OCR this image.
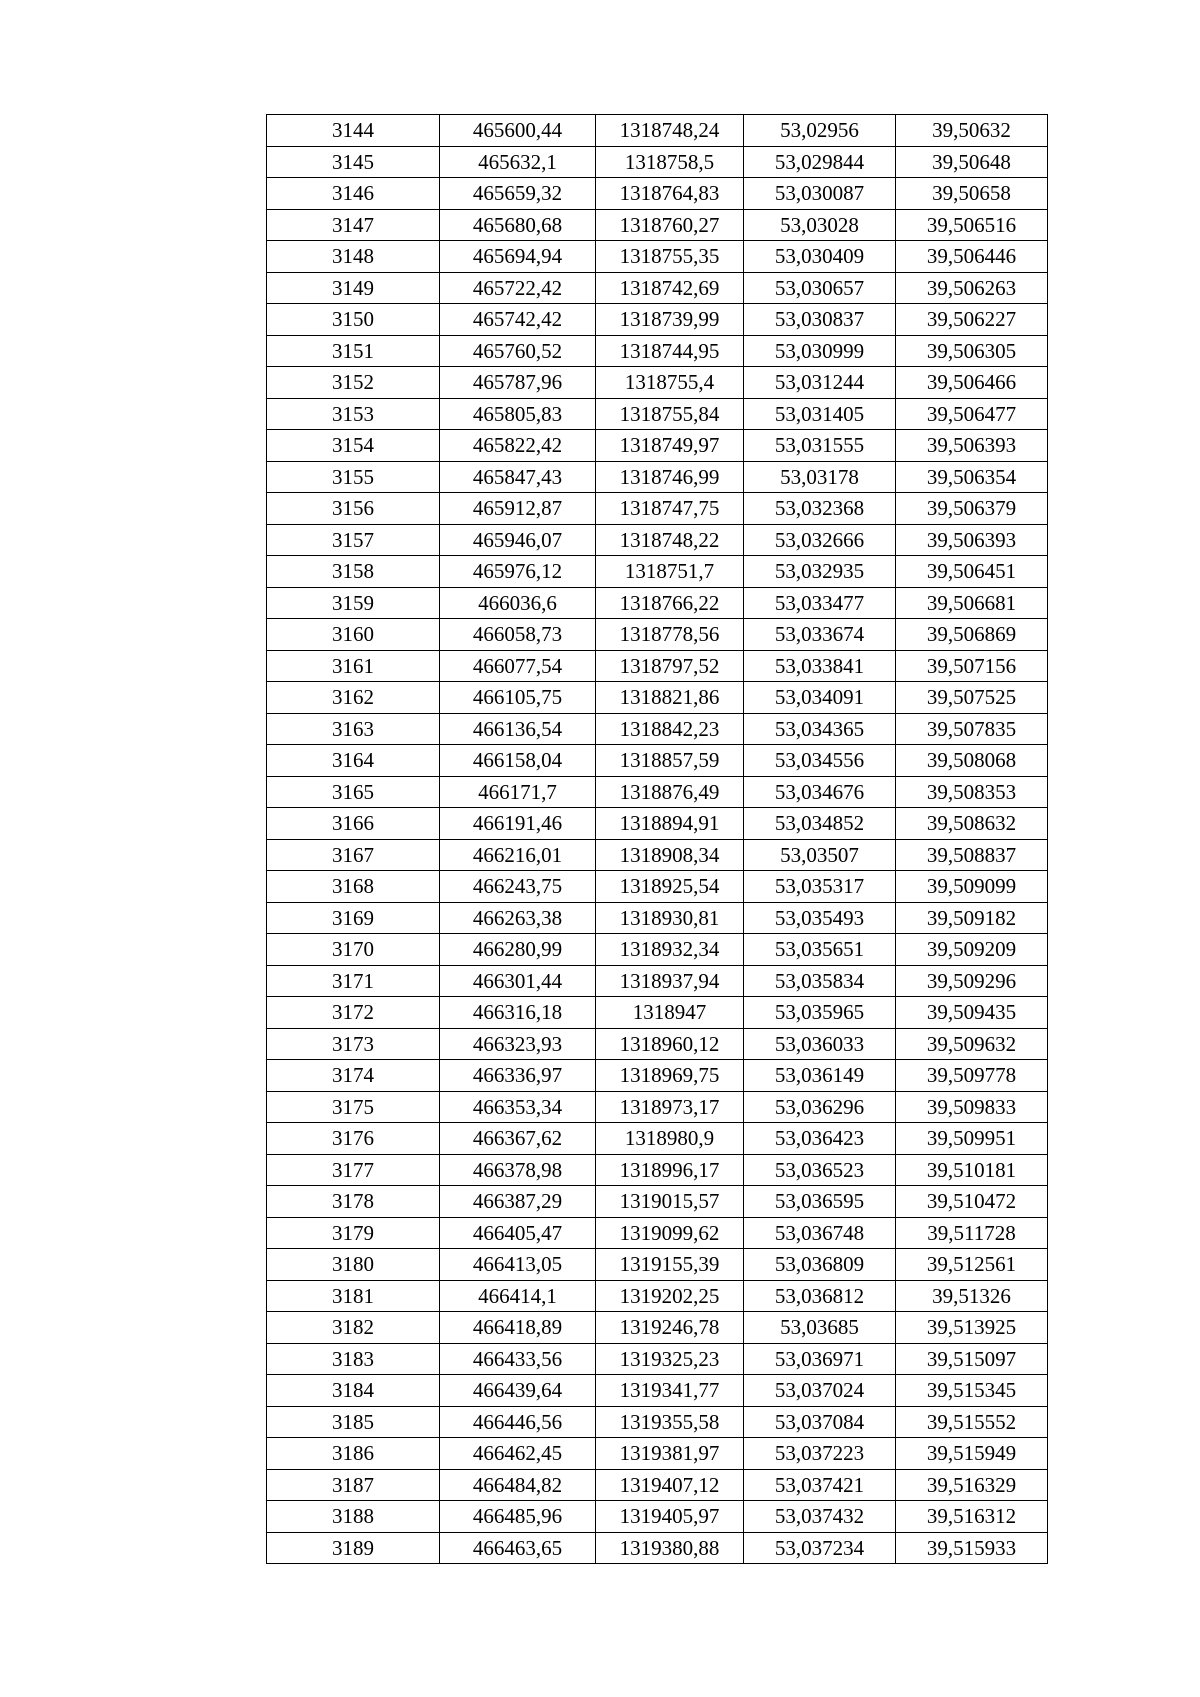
3144	465600,44	1318748,24	53,02956	39,50632
3145	465632,1	1318758,5	53,029844	39,50648
3146	465659,32	1318764,83	53,030087	39,50658
3147	465680,68	1318760,27	53,03028	39,506516
3148	465694,94	1318755,35	53,030409	39,506446
3149	465722,42	1318742,69	53,030657	39,506263
3150	465742,42	1318739,99	53,030837	39,506227
3151	465760,52	1318744,95	53,030999	39,506305
3152	465787,96	1318755,4	53,031244	39,506466
3153	465805,83	1318755,84	53,031405	39,506477
3154	465822,42	1318749,97	53,031555	39,506393
3155	465847,43	1318746,99	53,03178	39,506354
3156	465912,87	1318747,75	53,032368	39,506379
3157	465946,07	1318748,22	53,032666	39,506393
3158	465976,12	1318751,7	53,032935	39,506451
3159	466036,6	1318766,22	53,033477	39,506681
3160	466058,73	1318778,56	53,033674	39,506869
3161	466077,54	1318797,52	53,033841	39,507156
3162	466105,75	1318821,86	53,034091	39,507525
3163	466136,54	1318842,23	53,034365	39,507835
3164	466158,04	1318857,59	53,034556	39,508068
3165	466171,7	1318876,49	53,034676	39,508353
3166	466191,46	1318894,91	53,034852	39,508632
3167	466216,01	1318908,34	53,03507	39,508837
3168	466243,75	1318925,54	53,035317	39,509099
3169	466263,38	1318930,81	53,035493	39,509182
3170	466280,99	1318932,34	53,035651	39,509209
3171	466301,44	1318937,94	53,035834	39,509296
3172	466316,18	1318947	53,035965	39,509435
3173	466323,93	1318960,12	53,036033	39,509632
3174	466336,97	1318969,75	53,036149	39,509778
3175	466353,34	1318973,17	53,036296	39,509833
3176	466367,62	1318980,9	53,036423	39,509951
3177	466378,98	1318996,17	53,036523	39,510181
3178	466387,29	1319015,57	53,036595	39,510472
3179	466405,47	1319099,62	53,036748	39,511728
3180	466413,05	1319155,39	53,036809	39,512561
3181	466414,1	1319202,25	53,036812	39,51326
3182	466418,89	1319246,78	53,03685	39,513925
3183	466433,56	1319325,23	53,036971	39,515097
3184	466439,64	1319341,77	53,037024	39,515345
3185	466446,56	1319355,58	53,037084	39,515552
3186	466462,45	1319381,97	53,037223	39,515949
3187	466484,82	1319407,12	53,037421	39,516329
3188	466485,96	1319405,97	53,037432	39,516312
3189	466463,65	1319380,88	53,037234	39,515933
